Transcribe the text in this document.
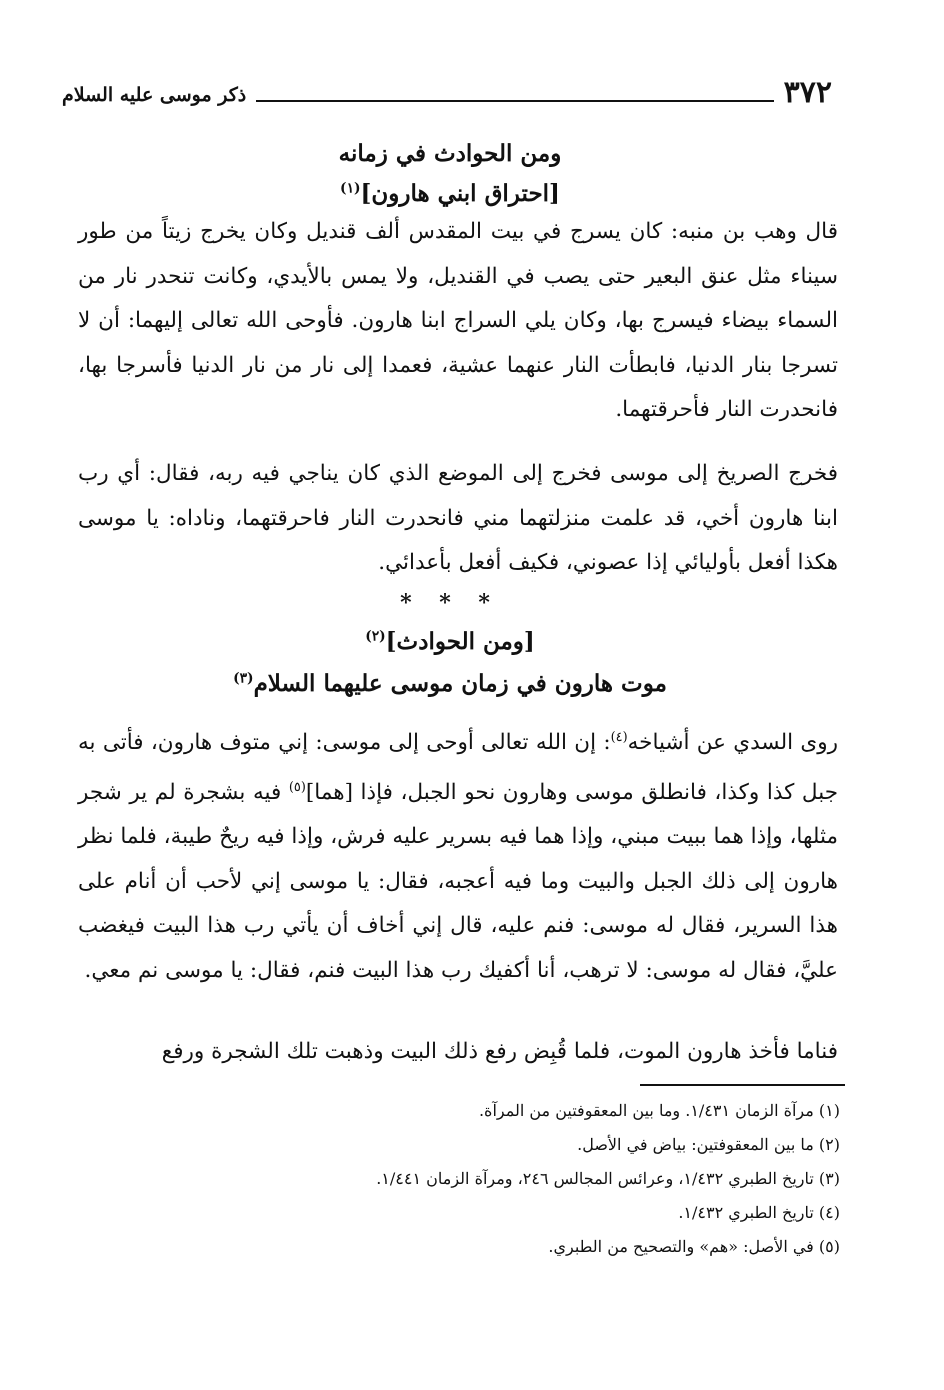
٣٧٢
ذكر موسى عليه السلام
ومن الحوادث في زمانه
[احتراق ابني هارون]$^{(١)}$

قال وهب بن منبه: كان يسرج في بيت المقدس ألف قنديل وكان يخرج زيتاً من طور سيناء مثل عنق البعير حتى يصب في القنديل، ولا يمس بالأيدي، وكانت تنحدر نار من السماء بيضاء فيسرج بها، وكان يلي السراج ابنا هارون. فأوحى الله تعالى إليهما: أن لا تسرجا بنار الدنيا، فابطأت النار عنهما عشية، فعمدا إلى نار من نار الدنيا فأسرجا بها، فانحدرت النار فأحرقتهما.

فخرج الصريخ إلى موسى فخرج إلى الموضع الذي كان يناجي فيه ربه، فقال: أي رب ابنا هارون أخي، قد علمت منزلتهما مني فانحدرت النار فاحرقتهما، وناداه: يا موسى هكذا أفعل بأوليائي إذا عصوني، فكيف أفعل بأعدائي.

* * *
[ومن الحوادث]$^{(٢)}$
موت هارون في زمان موسى عليهما السلام$^{(٣)}$

روى السدي عن أشياخه$^{(٤)}$: إن الله تعالى أوحى إلى موسى: إني متوف هارون، فأتى به جبل كذا وكذا، فانطلق موسى وهارون نحو الجبل، فإذا [هما]$^{(٥)}$ فيه بشجرة لم ير شجر مثلها، وإذا هما ببيت مبني، وإذا هما فيه بسرير عليه فرش، وإذا فيه ريحٌ طيبة، فلما نظر هارون إلى ذلك الجبل والبيت وما فيه أعجبه، فقال: يا موسى إني لأحب أن أنام على هذا السرير، فقال له موسى: فنم عليه، قال إني أخاف أن يأتي رب هذا البيت فيغضب عليَّ، فقال له موسى: لا ترهب، أنا أكفيك رب هذا البيت فنم، فقال: يا موسى نم معي.

فناما فأخذ هارون الموت، فلما قُبِض رفع ذلك البيت وذهبت تلك الشجرة ورفع

(١) مرآة الزمان ١/٤٣١. وما بين المعقوفتين من المرآة.

(٢) ما بين المعقوفتين: بياض في الأصل.

(٣) تاريخ الطبري ١/٤٣٢، وعرائس المجالس ٢٤٦، ومرآة الزمان ١/٤٤١.

(٤) تاريخ الطبري ١/٤٣٢.

(٥) في الأصل: «هم» والتصحيح من الطبري.
